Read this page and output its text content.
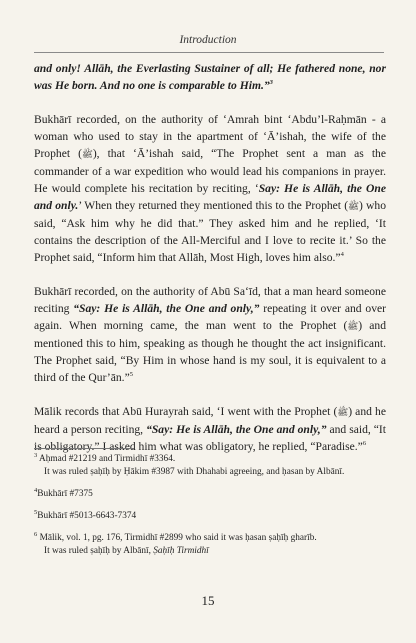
Introduction

and only! Allāh, the Everlasting Sustainer of all; He fathered none, nor was He born. And no one is comparable to Him.”$^3$

Bukhārī recorded, on the authority of ‘Amrah bint ‘Abdu’l-Raḥmān - a woman who used to stay in the apartment of ‘Ā’ishah, the wife of the Prophet (ﷺ), that ‘Ā’ishah said, “The Prophet sent a man as the commander of a war expedition who would lead his companions in prayer. He would complete his recitation by reciting, ‘Say: He is Allāh, the One and only.’ When they returned they mentioned this to the Prophet (ﷺ) who said, “Ask him why he did that.” They asked him and he replied, ‘It contains the description of the All-Merciful and I love to recite it.’ So the Prophet said, “Inform him that Allāh, Most High, loves him also.”$^4$

Bukhārī recorded, on the authority of Abū Sa‘īd, that a man heard someone reciting “Say: He is Allāh, the One and only,” repeating it over and over again. When morning came, the man went to the Prophet (ﷺ) and mentioned this to him, speaking as though he thought the act insignificant. The Prophet said, “By Him in whose hand is my soul, it is equivalent to a third of the Qur’ān.”$^5$

Mālik records that Abū Hurayrah said, ‘I went with the Prophet (ﷺ) and he heard a person reciting, “Say: He is Allāh, the One and only,” and said, “It is obligatory.” I asked him what was obligatory, he replied, “Paradise.”$^6$

$^3$ Aḥmad #21219 and Tirmidhī #3364.

It was ruled ṣaḥīḥ by Ḥākim #3987 with Dhahabi agreeing, and ḥasan by Albānī.

$^4$Bukhārī #7375

$^5$Bukhārī #5013-6643-7374

$^6$ Mālik, vol. 1, pg. 176, Tirmidhī #2899 who said it was ḥasan ṣaḥīḥ gharīb.

It was ruled ṣaḥīḥ by Albānī, Ṣaḥīḥ Tirmidhī

15
